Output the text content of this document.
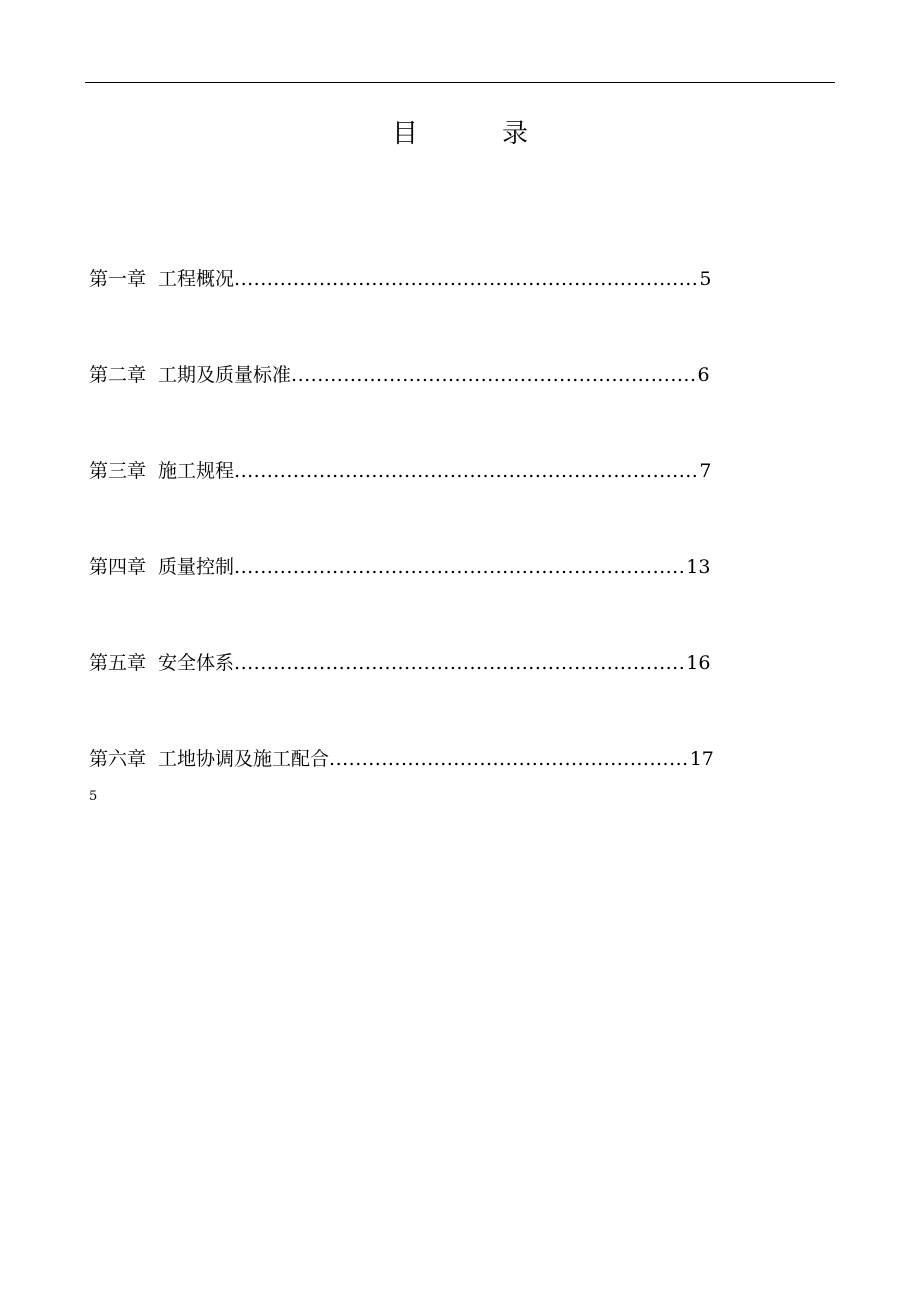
目	录
第一章 工程概况 ....................................................................... 5
第二章 工期及质量标准 .............................................................. 6
第三章 施工规程 ....................................................................... 7
第四章 质量控制 ..................................................................... 13
第五章 安全体系 ..................................................................... 16
第六章 工地协调及施工配合 ....................................................... 17
5
